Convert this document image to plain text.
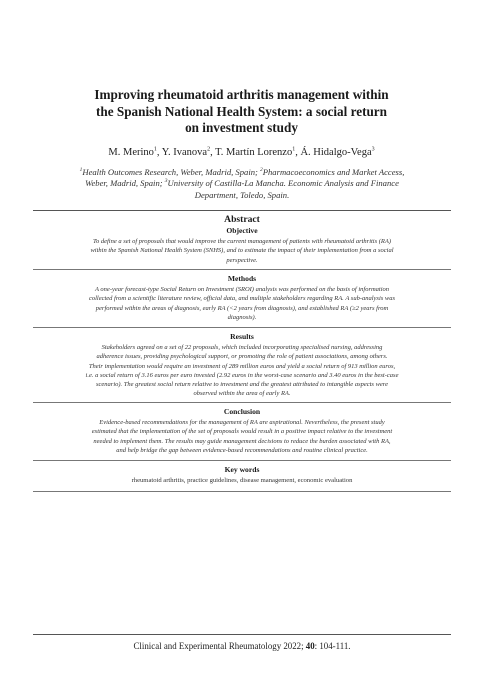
Improving rheumatoid arthritis management within
the Spanish National Health System: a social return
on investment study
M. Merino$^1$, Y. Ivanova$^2$, T. Martín Lorenzo$^1$, Á. Hidalgo-Vega$^3$
$^1$Health Outcomes Research, Weber, Madrid, Spain; $^2$Pharmacoeconomics and Market Access,
Weber, Madrid, Spain; $^3$University of Castilla-La Mancha. Economic Analysis and Finance
Department, Toledo, Spain.
Abstract
Objective
To define a set of proposals that would improve the current management of patients with rheumatoid arthritis (RA)
within the Spanish National Health System (SNHS), and to estimate the impact of their implementation from a social
perspective.
Methods
A one-year forecast-type Social Return on Investment (SROI) analysis was performed on the basis of information
collected from a scientific literature review, official data, and multiple stakeholders regarding RA. A sub-analysis was
performed within the areas of diagnosis, early RA (<2 years from diagnosis), and established RA (≥2 years from
diagnosis).
Results
Stakeholders agreed on a set of 22 proposals, which included incorporating specialised nursing, addressing
adherence issues, providing psychological support, or promoting the role of patient associations, among others.
Their implementation would require an investment of 289 million euros and yield a social return of 913 million euros,
i.e. a social return of 3.16 euros per euro invested (2.92 euros in the worst-case scenario and 3.40 euros in the best-case
scenario). The greatest social return relative to investment and the greatest attributed to intangible aspects were
observed within the area of early RA.
Conclusion
Evidence-based recommendations for the management of RA are aspirational. Nevertheless, the present study
estimated that the implementation of the set of proposals would result in a positive impact relative to the investment
needed to implement them. The results may guide management decisions to reduce the burden associated with RA,
and help bridge the gap between evidence-based recommendations and routine clinical practice.
Key words
rheumatoid arthritis, practice guidelines, disease management, economic evaluation
Clinical and Experimental Rheumatology 2022; 40: 104-111.
